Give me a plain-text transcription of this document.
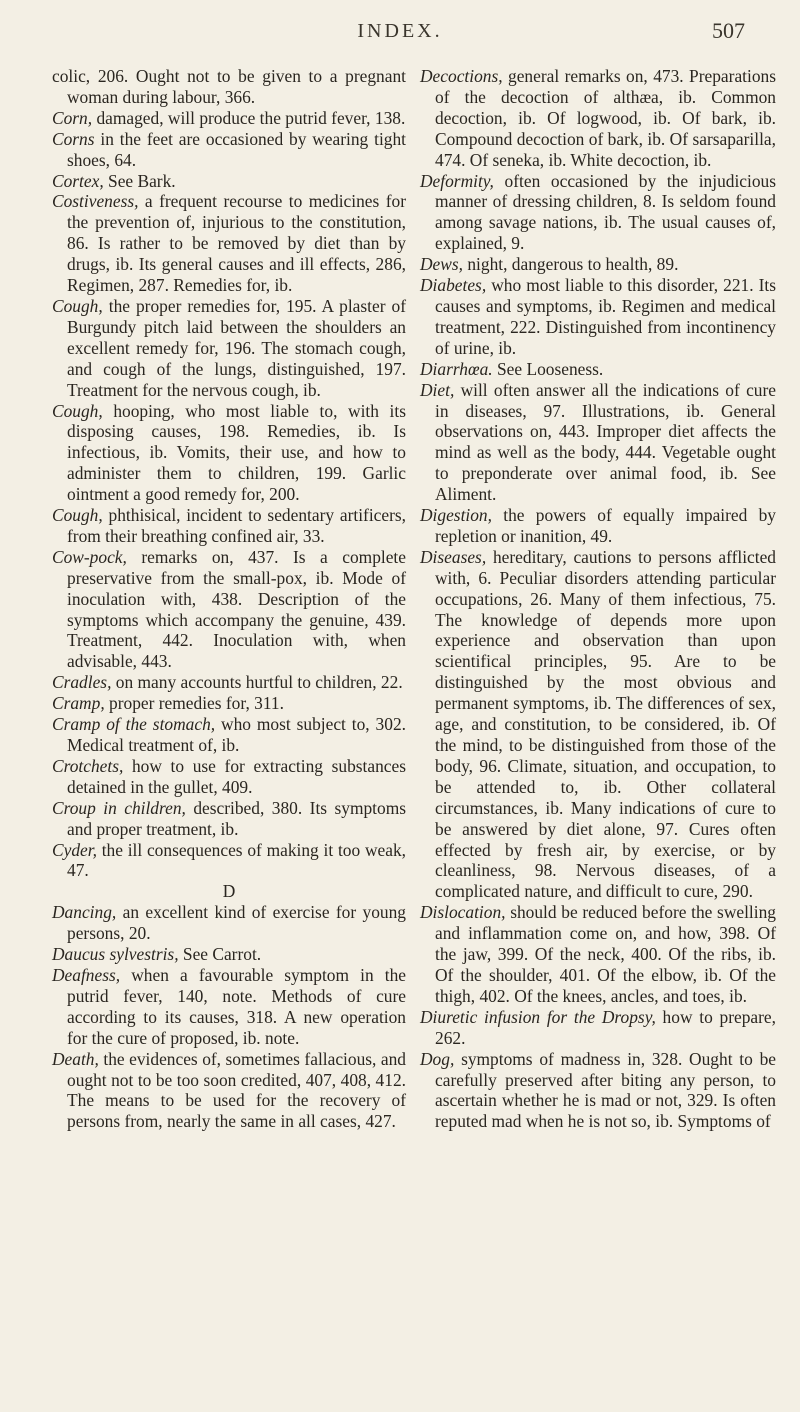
INDEX.	507

colic, 206. Ought not to be given to a pregnant woman during labour, 366.

Corn, damaged, will produce the putrid fever, 138.

Corns in the feet are occasioned by wearing tight shoes, 64.

Cortex, See Bark.

Costiveness, a frequent recourse to medicines for the prevention of, injurious to the constitution, 86. Is rather to be removed by diet than by drugs, ib. Its general causes and ill effects, 286, Regimen, 287. Remedies for, ib.

Cough, the proper remedies for, 195. A plaster of Burgundy pitch laid between the shoulders an excellent remedy for, 196. The stomach cough, and cough of the lungs, distinguished, 197. Treatment for the nervous cough, ib.

Cough, hooping, who most liable to, with its disposing causes, 198. Remedies, ib. Is infectious, ib. Vomits, their use, and how to administer them to children, 199. Garlic ointment a good remedy for, 200.

Cough, phthisical, incident to sedentary artificers, from their breathing confined air, 33.

Cow-pock, remarks on, 437. Is a complete preservative from the small-pox, ib. Mode of inoculation with, 438. Description of the symptoms which accompany the genuine, 439. Treatment, 442. Inoculation with, when advisable, 443.

Cradles, on many accounts hurtful to children, 22.

Cramp, proper remedies for, 311.

Cramp of the stomach, who most subject to, 302. Medical treatment of, ib.

Crotchets, how to use for extracting substances detained in the gullet, 409.

Croup in children, described, 380. Its symptoms and proper treatment, ib.

Cyder, the ill consequences of making it too weak, 47.

D

Dancing, an excellent kind of exercise for young persons, 20.

Daucus sylvestris, See Carrot.

Deafness, when a favourable symptom in the putrid fever, 140, note. Methods of cure according to its causes, 318. A new operation for the cure of proposed, ib. note.

Death, the evidences of, sometimes fallacious, and ought not to be too soon credited, 407, 408, 412. The means to be used for the recovery of persons from, nearly the same in all cases, 427.

Decoctions, general remarks on, 473. Preparations of the decoction of althæa, ib. Common decoction, ib. Of logwood, ib. Of bark, ib. Compound decoction of bark, ib. Of sarsaparilla, 474. Of seneka, ib. White decoction, ib.

Deformity, often occasioned by the injudicious manner of dressing children, 8. Is seldom found among savage nations, ib. The usual causes of, explained, 9.

Dews, night, dangerous to health, 89.

Diabetes, who most liable to this disorder, 221. Its causes and symptoms, ib. Regimen and medical treatment, 222. Distinguished from incontinency of urine, ib.

Diarrhœa. See Looseness.

Diet, will often answer all the indications of cure in diseases, 97. Illustrations, ib. General observations on, 443. Improper diet affects the mind as well as the body, 444. Vegetable ought to preponderate over animal food, ib. See Aliment.

Digestion, the powers of equally impaired by repletion or inanition, 49.

Diseases, hereditary, cautions to persons afflicted with, 6. Peculiar disorders attending particular occupations, 26. Many of them infectious, 75. The knowledge of depends more upon experience and observation than upon scientifical principles, 95. Are to be distinguished by the most obvious and permanent symptoms, ib. The differences of sex, age, and constitution, to be considered, ib. Of the mind, to be distinguished from those of the body, 96. Climate, situation, and occupation, to be attended to, ib. Other collateral circumstances, ib. Many indications of cure to be answered by diet alone, 97. Cures often effected by fresh air, by exercise, or by cleanliness, 98. Nervous diseases, of a complicated nature, and difficult to cure, 290.

Dislocation, should be reduced before the swelling and inflammation come on, and how, 398. Of the jaw, 399. Of the neck, 400. Of the ribs, ib. Of the shoulder, 401. Of the elbow, ib. Of the thigh, 402. Of the knees, ancles, and toes, ib.

Diuretic infusion for the Dropsy, how to prepare, 262.

Dog, symptoms of madness in, 328. Ought to be carefully preserved after biting any person, to ascertain whether he is mad or not, 329. Is often reputed mad when he is not so, ib. Symptoms of
